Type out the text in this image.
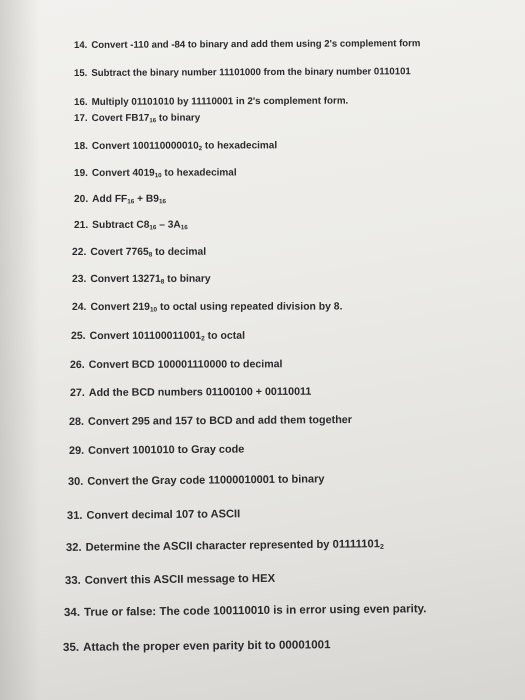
14. Convert -110 and -84 to binary and add them using 2's complement form
15. Subtract the binary number 11101000 from the binary number 0110101
16. Multiply 01101010 by 11110001 in 2's complement form.
17. Covert $FB17_{16}$ to binary
18. Convert $100110000010_2$ to hexadecimal
19. Convert $4019_{10}$ to hexadecimal
20. Add $FF_{16} + B9_{16}$
21. Subtract $C8_{16} - 3A_{16}$
22. Covert $7765_8$ to decimal
23. Convert $13271_8$ to binary
24. Convert $219_{10}$ to octal using repeated division by 8.
25. Convert $101100011001_2$ to octal
26. Convert BCD 100001110000 to decimal
27. Add the BCD numbers 01100100 + 00110011
28. Convert 295 and 157 to BCD and add them together
29. Convert 1001010 to Gray code
30. Convert the Gray code 11000010001 to binary
31. Convert decimal 107 to ASCII
32. Determine the ASCII character represented by $01111101_2$
33. Convert this ASCII message to HEX
34. True or false: The code 100110010 is in error using even parity.
35. Attach the proper even parity bit to 00001001
